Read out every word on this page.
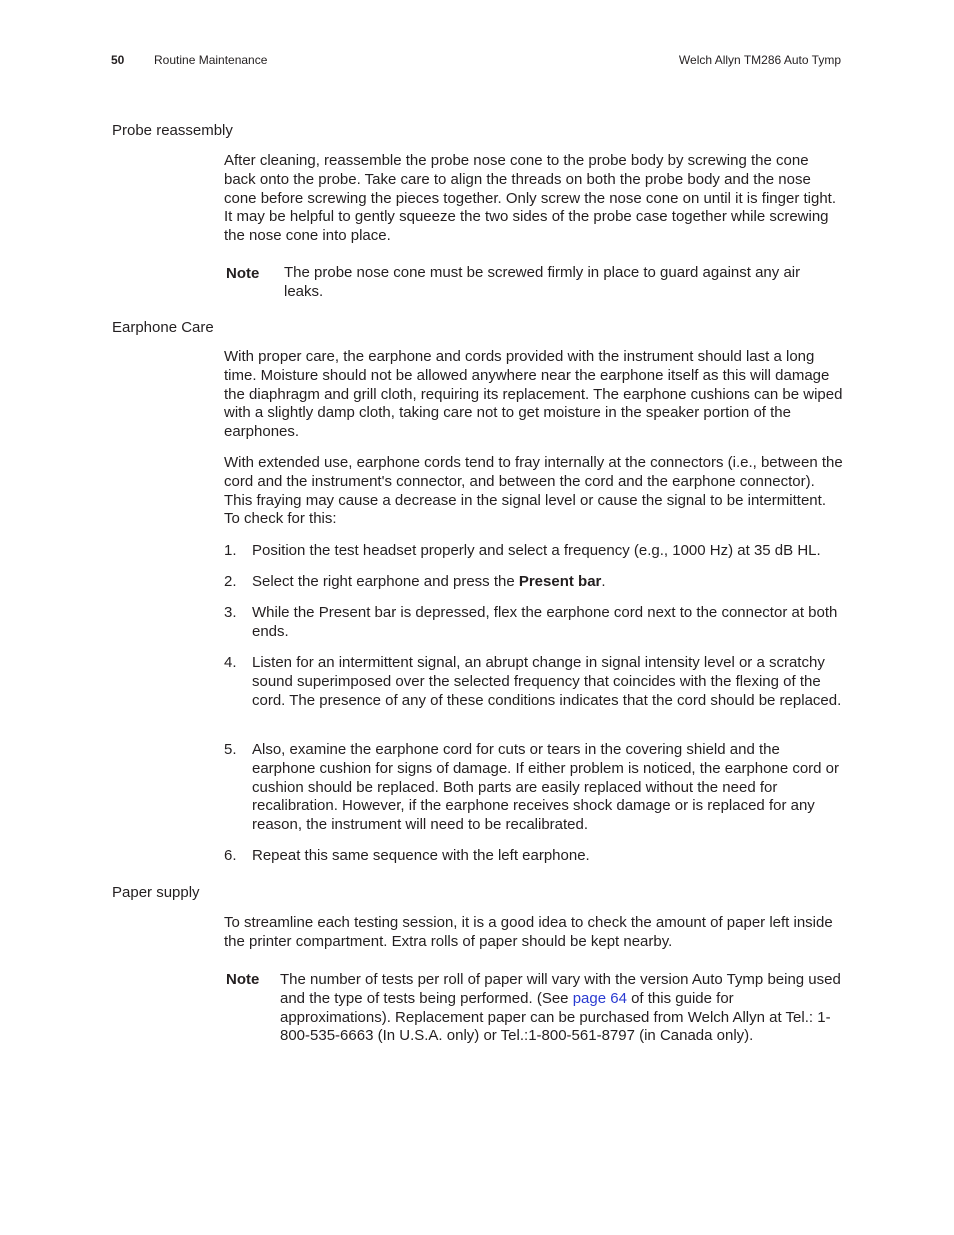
50 Routine Maintenance	Welch Allyn TM286 Auto Tymp
Probe reassembly

After cleaning, reassemble the probe nose cone to the probe body by screwing the cone back onto the probe. Take care to align the threads on both the probe body and the nose cone before screwing the pieces together. Only screw the nose cone on until it is finger tight. It may be helpful to gently squeeze the two sides of the probe case together while screwing the nose cone into place.

Note The probe nose cone must be screwed firmly in place to guard against any air leaks.

Earphone Care

With proper care, the earphone and cords provided with the instrument should last a long time. Moisture should not be allowed anywhere near the earphone itself as this will damage the diaphragm and grill cloth, requiring its replacement. The earphone cushions can be wiped with a slightly damp cloth, taking care not to get moisture in the speaker portion of the earphones.

With extended use, earphone cords tend to fray internally at the connectors (i.e., between the cord and the instrument's connector, and between the cord and the earphone connector). This fraying may cause a decrease in the signal level or cause the signal to be intermittent. To check for this:

1. Position the test headset properly and select a frequency (e.g., 1000 Hz) at 35 dB HL.

2. Select the right earphone and press the Present bar.

3. While the Present bar is depressed, flex the earphone cord next to the connector at both ends.

4. Listen for an intermittent signal, an abrupt change in signal intensity level or a scratchy sound superimposed over the selected frequency that coincides with the flexing of the cord. The presence of any of these conditions indicates that the cord should be replaced.

5. Also, examine the earphone cord for cuts or tears in the covering shield and the earphone cushion for signs of damage. If either problem is noticed, the earphone cord or cushion should be replaced. Both parts are easily replaced without the need for recalibration. However, if the earphone receives shock damage or is replaced for any reason, the instrument will need to be recalibrated.

6. Repeat this same sequence with the left earphone.

Paper supply

To streamline each testing session, it is a good idea to check the amount of paper left inside the printer compartment. Extra rolls of paper should be kept nearby.

Note The number of tests per roll of paper will vary with the version Auto Tymp being used and the type of tests being performed. (See page 64 of this guide for approximations). Replacement paper can be purchased from Welch Allyn at Tel.: 1-800-535-6663 (In U.S.A. only) or Tel.:1-800-561-8797 (in Canada only).
